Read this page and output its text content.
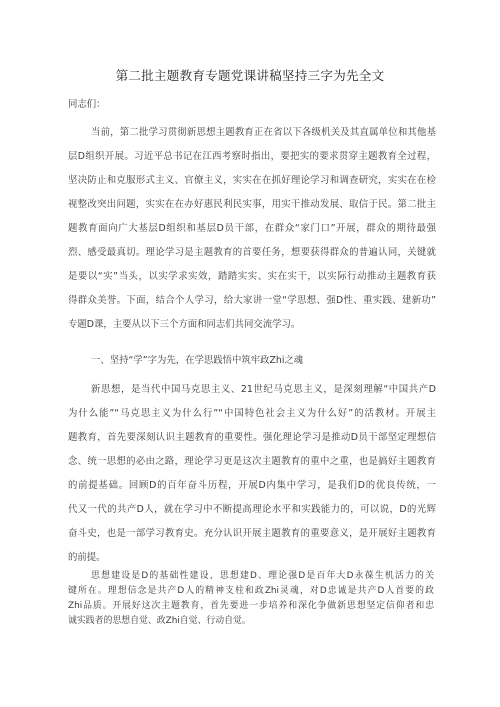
第二批主题教育专题党课讲稿坚持三字为先全文
同志们：
当前，第二批学习贯彻新思想主题教育正在省以下各级机关及其直属单位和其他基
层D组织开展。习近平总书记在江西考察时指出，要把实的要求贯穿主题教育全过程，
坚决防止和克服形式主义、官僚主义，实实在在抓好理论学习和调查研究，实实在在检
视整改突出问题，实实在在办好惠民利民实事，用实干推动发展、取信于民。第二批主
题教育面向广大基层D组织和基层D员干部，在群众“家门口”开展，群众的期待最强
烈、感受最真切。理论学习是主题教育的首要任务，想要获得群众的普遍认同，关键就
是要以“实”当头，以实学求实效，踏踏实实、实在实干，以实际行动推动主题教育获
得群众美誉。下面，结合个人学习，给大家讲一堂“学思想、强D性、重实践、建新功”
专题D课，主要从以下三个方面和同志们共同交流学习。
一、坚持“学”字为先，在学思践悟中筑牢政Zhi之魂
新思想，是当代中国马克思主义、21世纪马克思主义，是深刻理解“中国共产D
为什么能”“马克思主义为什么行”“中国特色社会主义为什么好”的活教材。开展主
题教育，首先要深刻认识主题教育的重要性。强化理论学习是推动D员干部坚定理想信
念、统一思想的必由之路，理论学习更是这次主题教育的重中之重，也是搞好主题教育
的前提基础。回顾D的百年奋斗历程，开展D内集中学习，是我们D的优良传统，一
代又一代的共产D人，就在学习中不断提高理论水平和实践能力的，可以说，D的光辉
奋斗史，也是一部学习教育史。充分认识开展主题教育的重要意义，是开展好主题教育
的前提。
思想建设是D的基础性建设，思想建D、理论强D是百年大D永葆生机活力的关
键所在。理想信念是共产D人的精神支柱和政Zhi灵魂，对D忠诚是共产D人首要的政
Zhi品质。开展好这次主题教育，首先要进一步培养和深化争做新思想坚定信仰者和忠
诚实践者的思想自觉、政Zhi自觉、行动自觉。
